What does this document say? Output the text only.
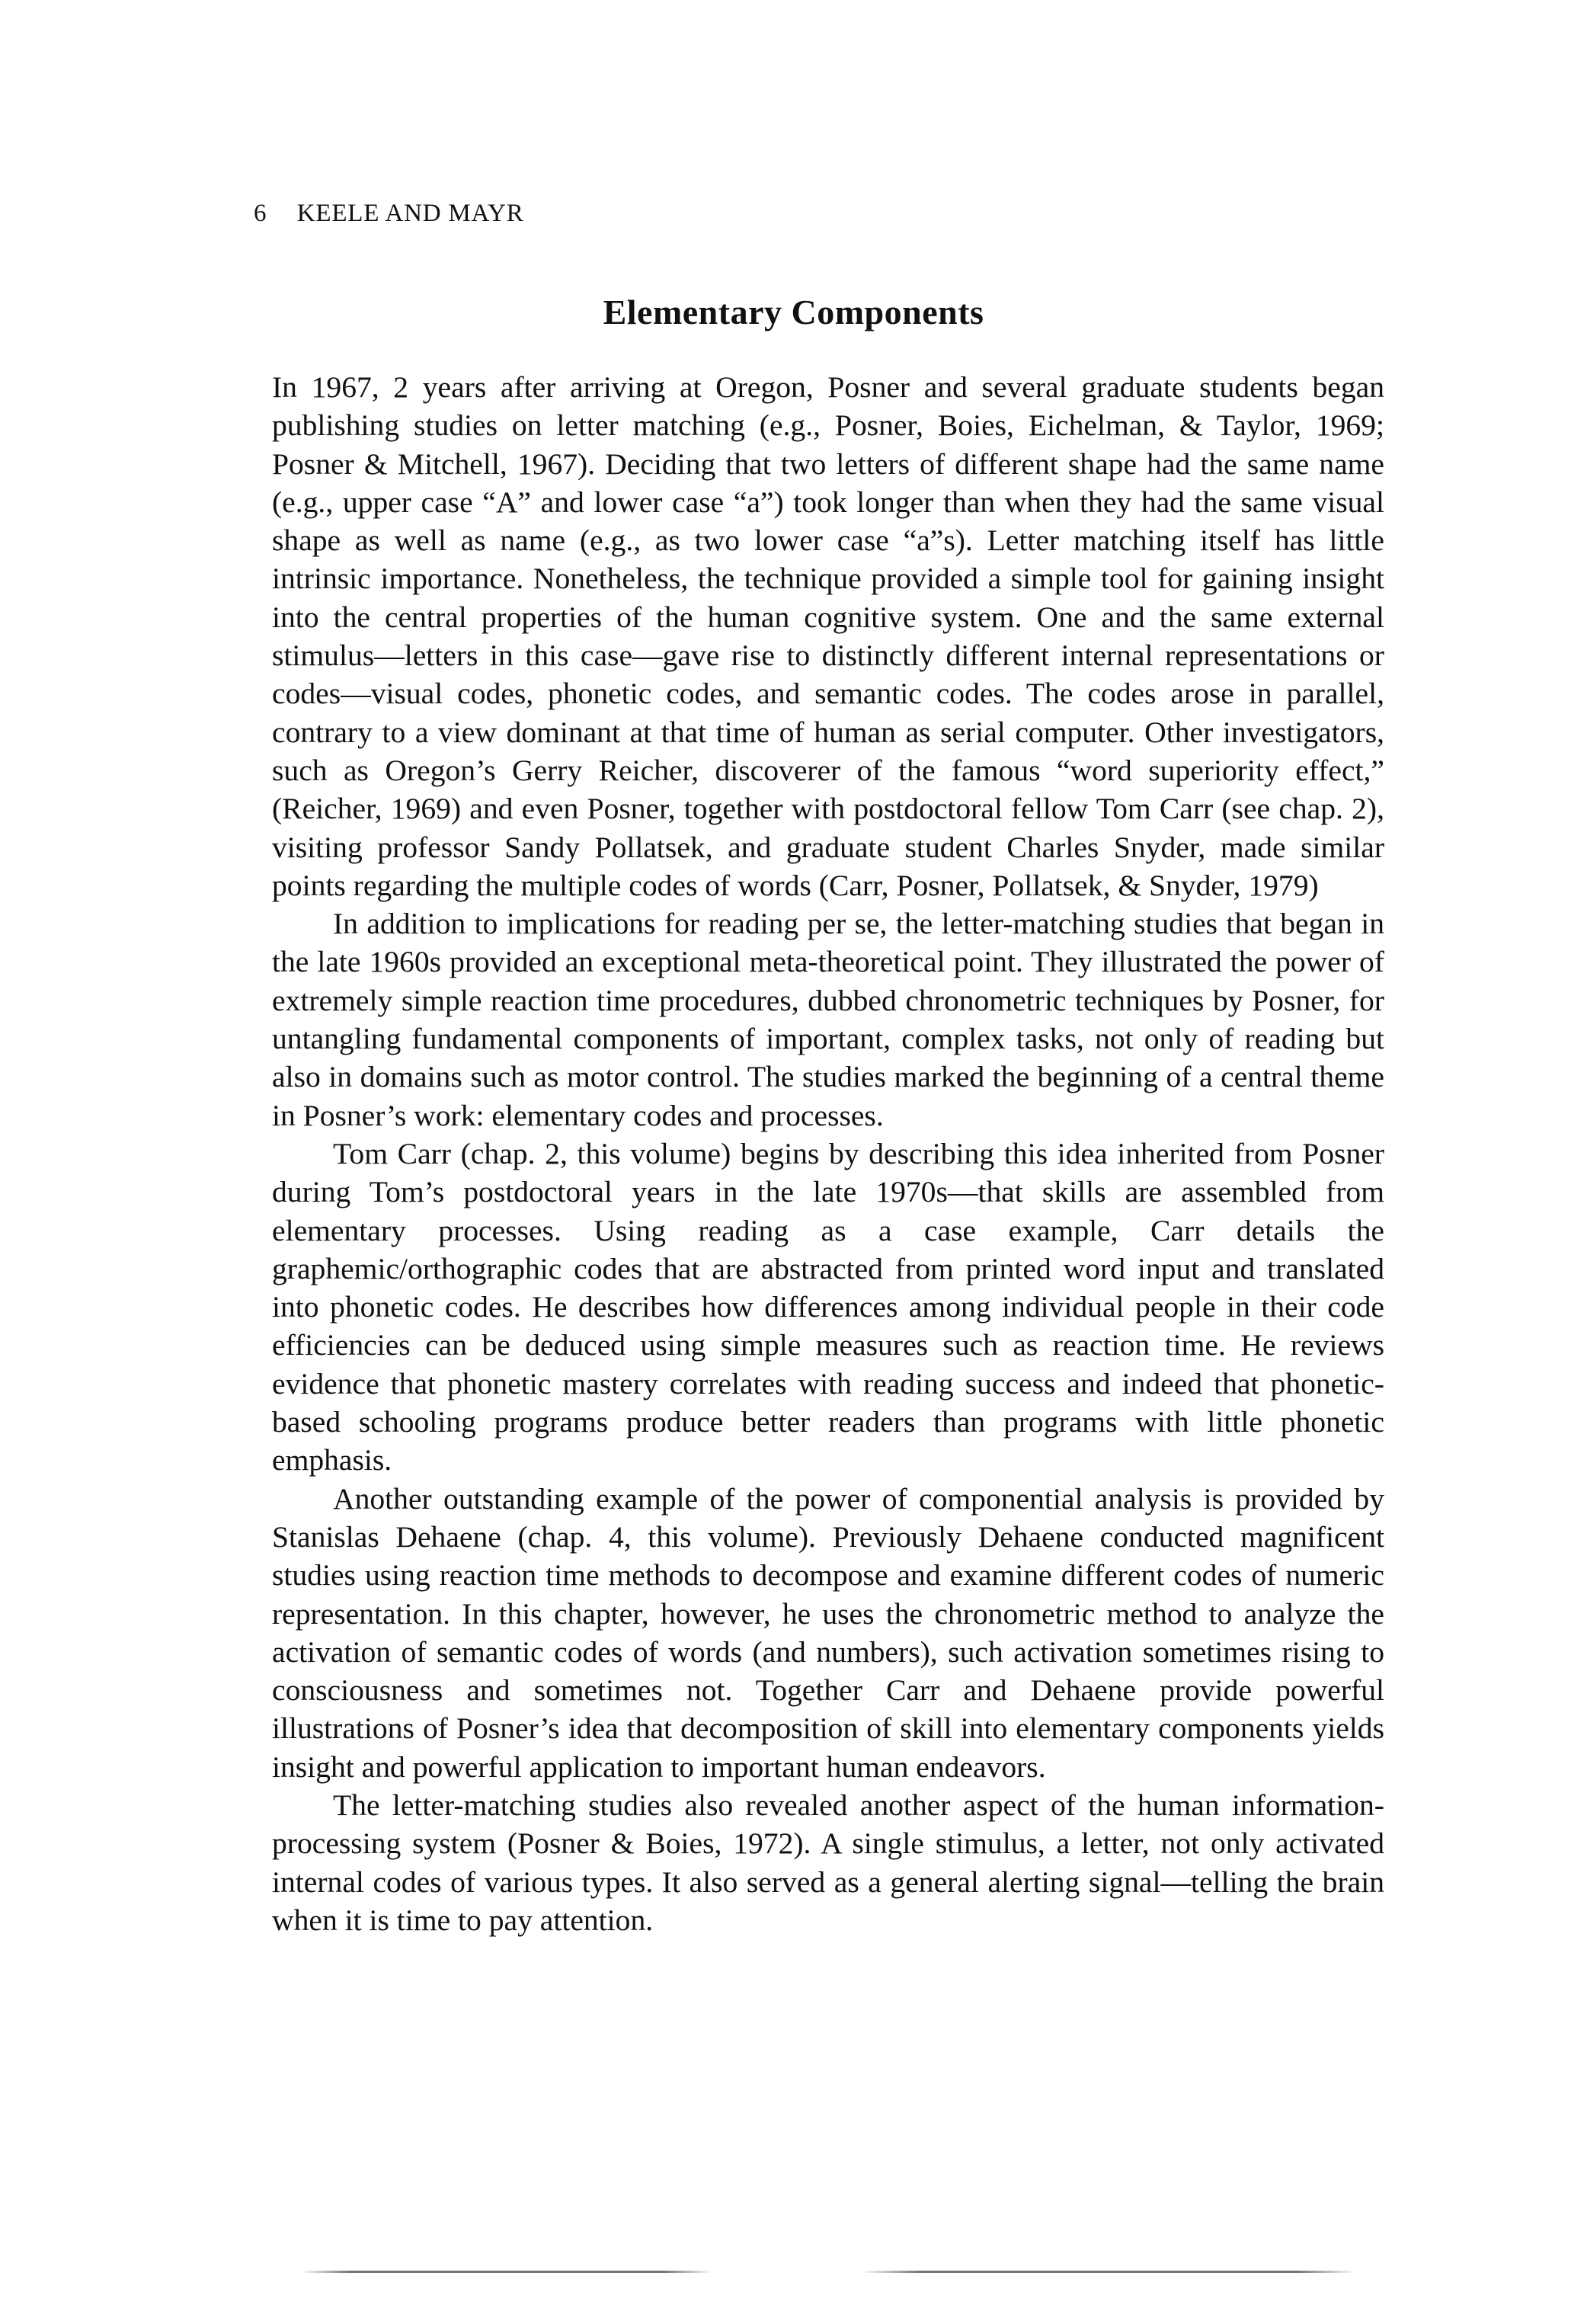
6 KEELE AND MAYR
Elementary Components

In 1967, 2 years after arriving at Oregon, Posner and several graduate students began publishing studies on letter matching (e.g., Posner, Boies, Eichelman, & Taylor, 1969; Posner & Mitchell, 1967). Deciding that two letters of different shape had the same name (e.g., upper case “A” and lower case “a”) took longer than when they had the same visual shape as well as name (e.g., as two lower case “a”s). Letter matching itself has little intrinsic importance. Nonetheless, the technique provided a simple tool for gaining insight into the central properties of the human cognitive system. One and the same external stimulus—letters in this case—gave rise to distinctly different internal representations or codes—visual codes, phonetic codes, and semantic codes. The codes arose in parallel, contrary to a view dominant at that time of human as serial computer. Other investigators, such as Oregon’s Gerry Reicher, discoverer of the famous “word superiority effect,” (Reicher, 1969) and even Posner, together with postdoctoral fellow Tom Carr (see chap. 2), visiting professor Sandy Pollatsek, and graduate student Charles Snyder, made similar points regarding the multiple codes of words (Carr, Posner, Pollatsek, & Snyder, 1979)

In addition to implications for reading per se, the letter-matching studies that began in the late 1960s provided an exceptional meta-theoretical point. They illustrated the power of extremely simple reaction time procedures, dubbed chronometric techniques by Posner, for untangling fundamental components of important, complex tasks, not only of reading but also in domains such as motor control. The studies marked the beginning of a central theme in Posner’s work: elementary codes and processes.

Tom Carr (chap. 2, this volume) begins by describing this idea inherited from Posner during Tom’s postdoctoral years in the late 1970s—that skills are assembled from elementary processes. Using reading as a case example, Carr details the graphemic/orthographic codes that are abstracted from printed word input and translated into phonetic codes. He describes how differences among individual people in their code efficiencies can be deduced using simple measures such as reaction time. He reviews evidence that phonetic mastery correlates with reading success and indeed that phonetic-based schooling programs produce better readers than programs with little phonetic emphasis.

Another outstanding example of the power of componential analysis is provided by Stanislas Dehaene (chap. 4, this volume). Previously Dehaene conducted magnificent studies using reaction time methods to decompose and examine different codes of numeric representation. In this chapter, however, he uses the chronometric method to analyze the activation of semantic codes of words (and numbers), such activation sometimes rising to consciousness and sometimes not. Together Carr and Dehaene provide powerful illustrations of Posner’s idea that decomposition of skill into elementary components yields insight and powerful application to important human endeavors.

The letter-matching studies also revealed another aspect of the human information-processing system (Posner & Boies, 1972). A single stimulus, a letter, not only activated internal codes of various types. It also served as a general alerting signal—telling the brain when it is time to pay attention.
